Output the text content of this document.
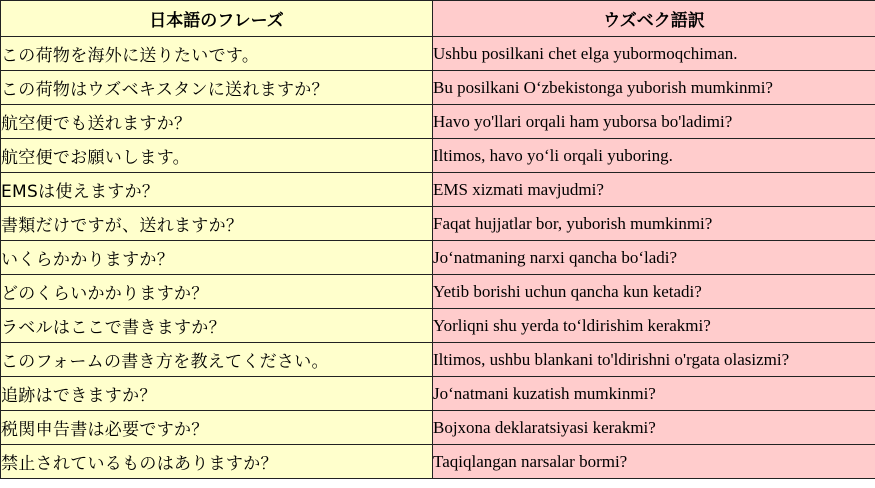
日本語のフレーズ	ウズベク語訳
この荷物を海外に送りたいです。	Ushbu posilkani chet elga yubormoqchiman.
この荷物はウズベキスタンに送れますか？	Bu posilkani O‘zbekistonga yuborish mumkinmi?
航空便でも送れますか？	Havo yo'llari orqali ham yuborsa bo'ladimi?
航空便でお願いします。	Iltimos, havo yo‘li orqali yuboring.
EMSは使えますか？	EMS xizmati mavjudmi?
書類だけですが、送れますか？	Faqat hujjatlar bor, yuborish mumkinmi?
いくらかかりますか？	Jo‘natmaning narxi qancha bo‘ladi?
どのくらいかかりますか？	Yetib borishi uchun qancha kun ketadi?
ラベルはここで書きますか？	Yorliqni shu yerda to‘ldirishim kerakmi?
このフォームの書き方を教えてください。	Iltimos, ushbu blankani to'ldirishni o'rgata olasizmi?
追跡はできますか？	Jo‘natmani kuzatish mumkinmi?
税関申告書は必要ですか？	Bojxona deklaratsiyasi kerakmi?
禁止されているものはありますか？	Taqiqlangan narsalar bormi?
